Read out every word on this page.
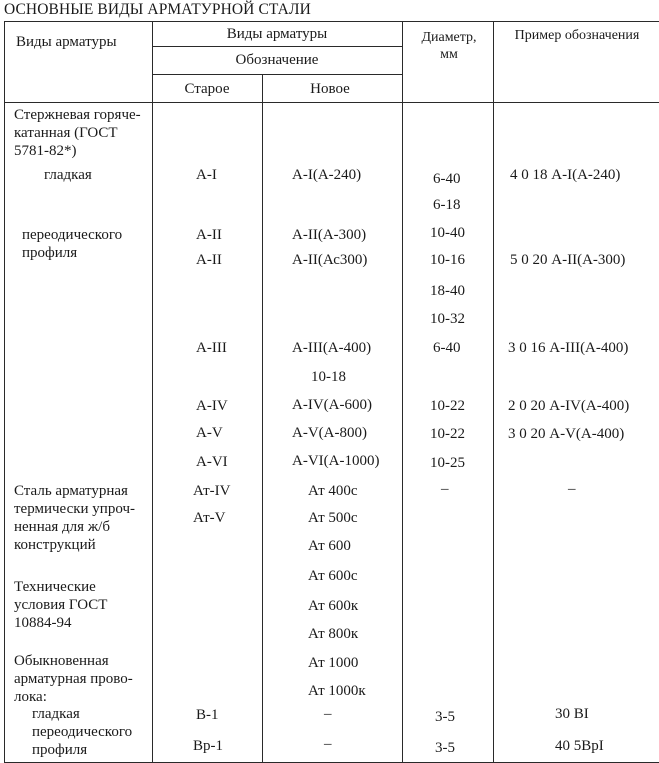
ОСНОВНЫЕ ВИДЫ АРМАТУРНОЙ СТАЛИ
Виды арматуры	Виды арматуры
Обозначение
Старое	Новое
Диаметр,
мм
Пример обозначения
Стержневая горяче-
катанная (ГОСТ
5781-82*)
гладкая
переодического
профиля
Сталь арматурная
термически упроч-
ненная для ж/б
конструкций
Технические
условия ГОСТ
10884-94
Обыкновенная
арматурная прово-
лока:
гладкая
переодического
профиля
А-I
А-II
А-II
А-III
А-IV
А-V
А-VI
Ат-IV
Ат-V
В-1
Вр-1
А-I(А-240)
А-II(А-300)
А-II(Ас300)
А-III(А-400)
10-18
А-IV(А-600)
А-V(А-800)
А-VI(А-1000)
Ат 400с
Ат 500с
Ат 600
Ат 600с
Ат 600к
Ат 800к
Ат 1000
Ат 1000к
–
–
6-40
6-18
10-40
10-16
18-40
10-32
6-40
10-22
10-22
10-25
–
3-5
3-5
4 0 18 А-I(А-240)
5 0 20 А-II(А-300)
3 0 16 А-III(А-400)
2 0 20 А-IV(А-400)
3 0 20 А-V(А-400)
–
30 ВI
40 5ВрI
